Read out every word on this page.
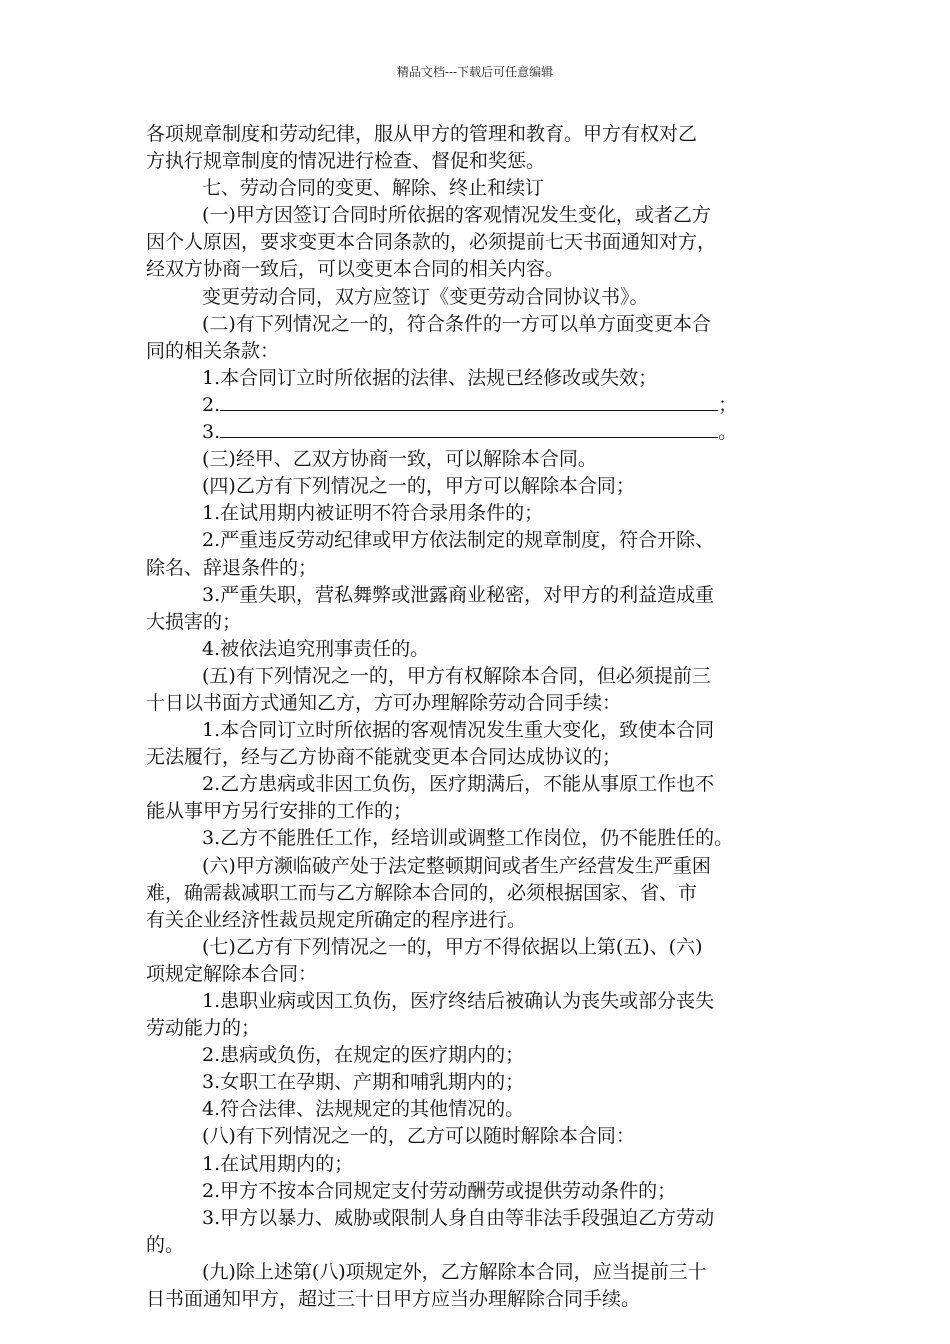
精品文档---下载后可任意编辑
各项规章制度和劳动纪律，服从甲方的管理和教育。甲方有权对乙
方执行规章制度的情况进行检查、督促和奖惩。
七、劳动合同的变更、解除、终止和续订
(一)甲方因签订合同时所依据的客观情况发生变化，或者乙方
因个人原因，要求变更本合同条款的，必须提前七天书面通知对方，
经双方协商一致后，可以变更本合同的相关内容。
变更劳动合同，双方应签订《变更劳动合同协议书》。
(二)有下列情况之一的，符合条件的一方可以单方面变更本合
同的相关条款：
1.本合同订立时所依据的法律、法规已经修改或失效；
2.	；
3.	。
(三)经甲、乙双方协商一致，可以解除本合同。
(四)乙方有下列情况之一的，甲方可以解除本合同；
1.在试用期内被证明不符合录用条件的；
2.严重违反劳动纪律或甲方依法制定的规章制度，符合开除、
除名、辞退条件的；
3.严重失职，营私舞弊或泄露商业秘密，对甲方的利益造成重
大损害的；
4.被依法追究刑事责任的。
(五)有下列情况之一的，甲方有权解除本合同，但必须提前三
十日以书面方式通知乙方，方可办理解除劳动合同手续：
1.本合同订立时所依据的客观情况发生重大变化，致使本合同
无法履行，经与乙方协商不能就变更本合同达成协议的；
2.乙方患病或非因工负伤，医疗期满后，不能从事原工作也不
能从事甲方另行安排的工作的；
3.乙方不能胜任工作，经培训或调整工作岗位，仍不能胜任的。
(六)甲方濒临破产处于法定整顿期间或者生产经营发生严重困
难，确需裁减职工而与乙方解除本合同的，必须根据国家、省、市
有关企业经济性裁员规定所确定的程序进行。
(七)乙方有下列情况之一的，甲方不得依据以上第(五)、(六)
项规定解除本合同：
1.患职业病或因工负伤，医疗终结后被确认为丧失或部分丧失
劳动能力的；
2.患病或负伤，在规定的医疗期内的；
3.女职工在孕期、产期和哺乳期内的；
4.符合法律、法规规定的其他情况的。
(八)有下列情况之一的，乙方可以随时解除本合同：
1.在试用期内的；
2.甲方不按本合同规定支付劳动酬劳或提供劳动条件的；
3.甲方以暴力、威胁或限制人身自由等非法手段强迫乙方劳动
的。
(九)除上述第(八)项规定外，乙方解除本合同，应当提前三十
日书面通知甲方，超过三十日甲方应当办理解除合同手续。
